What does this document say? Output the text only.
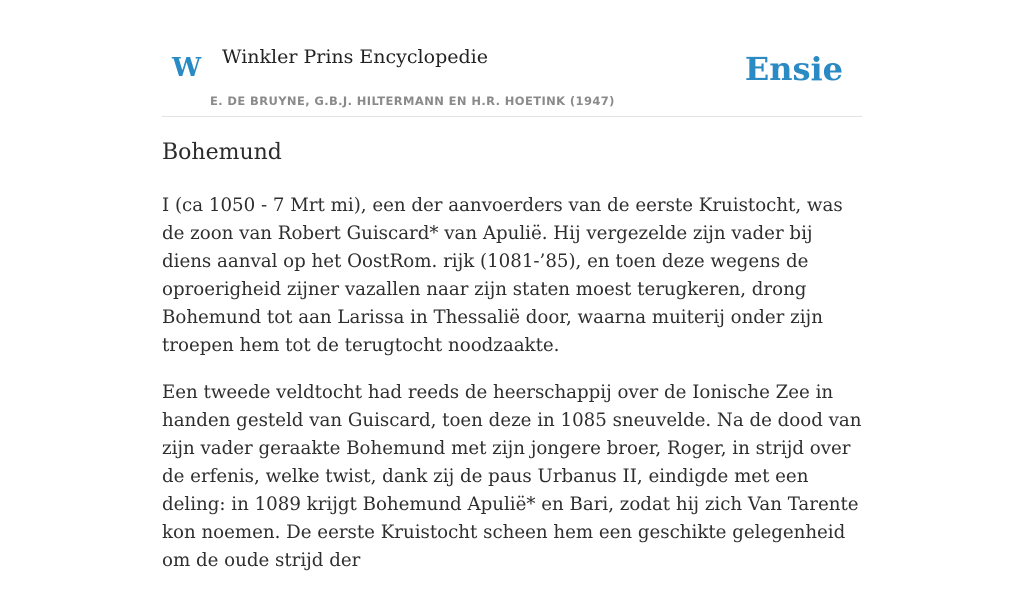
W Winkler Prins Encyclopedie
E. DE BRUYNE, G.B.J. HILTERMANN EN H.R. HOETINK (1947)
Ensie
Bohemund

I (ca 1050 - 7 Mrt mi), een der aanvoerders van de eerste Kruistocht, was de zoon van Robert Guiscard* van Apulië. Hij vergezelde zijn vader bij diens aanval op het OostRom. rijk (1081-’85), en toen deze wegens de oproerigheid zijner vazallen naar zijn staten moest terugkeren, drong Bohemund tot aan Larissa in Thessalië door, waarna muiterij onder zijn troepen hem tot de terugtocht noodzaakte.

Een tweede veldtocht had reeds de heerschappij over de Ionische Zee in handen gesteld van Guiscard, toen deze in 1085 sneuvelde. Na de dood van zijn vader geraakte Bohemund met zijn jongere broer, Roger, in strijd over de erfenis, welke twist, dank zij de paus Urbanus II, eindigde met een deling: in 1089 krijgt Bohemund Apulië* en Bari, zodat hij zich Van Tarente kon noemen. De eerste Kruistocht scheen hem een geschikte gelegenheid om de oude strijd der
